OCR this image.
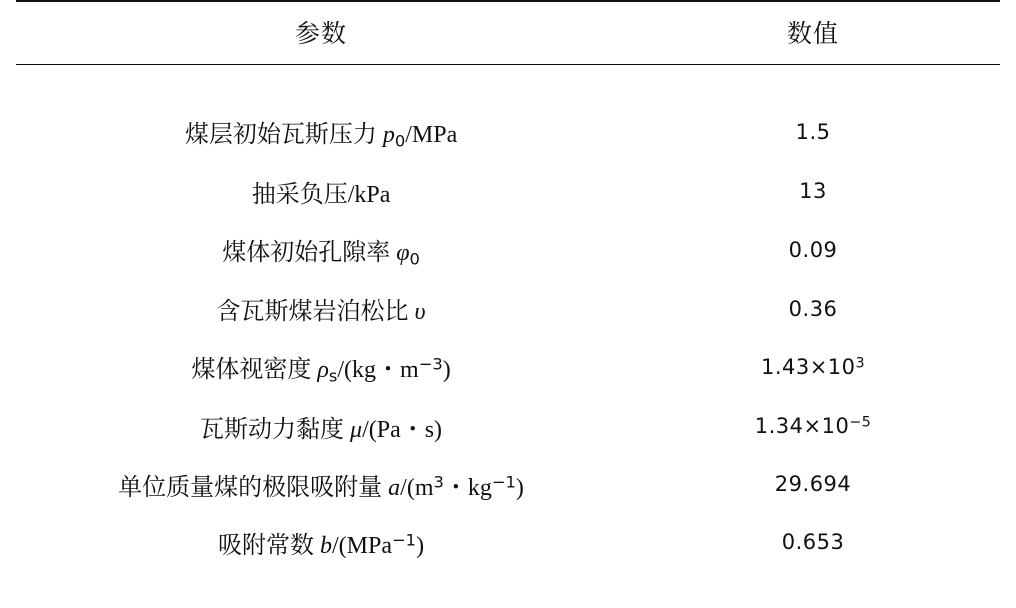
参数	数值

煤层初始瓦斯压力 $p_0$/MPa	1.5
抽采负压/kPa	13
煤体初始孔隙率 $\varphi_0$	0.09
含瓦斯煤岩泊松比 υ	0.36
煤体视密度 $\rho_s/(kg$・$m^{-3}$)	$1.43\times 10^3$
瓦斯动力黏度 μ/(Pa・s)	$1.34\times 10^{-5}$
单位质量煤的极限吸附量 $a/(m^3$・$kg^{-1}$)	29.694
吸附常数 b/(MPa$^{-1}$)	0.653
